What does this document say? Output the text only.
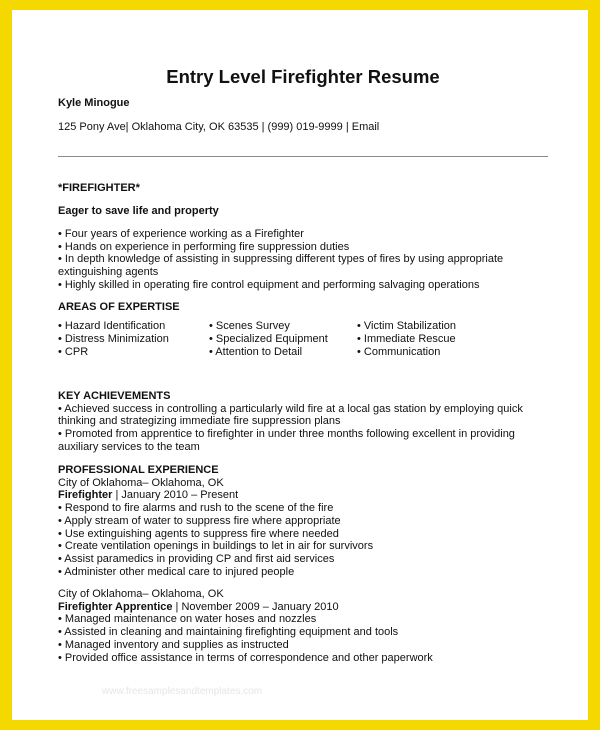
Entry Level Firefighter Resume
Kyle Minogue
125 Pony Ave| Oklahoma City, OK 63535 | (999) 019-9999 | Email
*FIREFIGHTER*
Eager to save life and property
• Four years of experience working as a Firefighter
• Hands on experience in performing fire suppression duties
• In depth knowledge of assisting in suppressing different types of fires by using appropriate
extinguishing agents
• Highly skilled in operating fire control equipment and performing salvaging operations
AREAS OF EXPERTISE
• Hazard Identification
• Distress Minimization
• CPR
• Scenes Survey
• Specialized Equipment
• Attention to Detail
• Victim Stabilization
• Immediate Rescue
• Communication
KEY ACHIEVEMENTS
• Achieved success in controlling a particularly wild fire at a local gas station by employing quick
thinking and strategizing immediate fire suppression plans
• Promoted from apprentice to firefighter in under three months following excellent in providing
auxiliary services to the team
PROFESSIONAL EXPERIENCE
City of Oklahoma– Oklahoma, OK
Firefighter | January 2010 – Present
• Respond to fire alarms and rush to the scene of the fire
• Apply stream of water to suppress fire where appropriate
• Use extinguishing agents to suppress fire where needed
• Create ventilation openings in buildings to let in air for survivors
• Assist paramedics in providing CP and first aid services
• Administer other medical care to injured people
City of Oklahoma– Oklahoma, OK
Firefighter Apprentice | November 2009 – January 2010
• Managed maintenance on water hoses and nozzles
• Assisted in cleaning and maintaining firefighting equipment and tools
• Managed inventory and supplies as instructed
• Provided office assistance in terms of correspondence and other paperwork
www.freesamplesandtemplates.com
